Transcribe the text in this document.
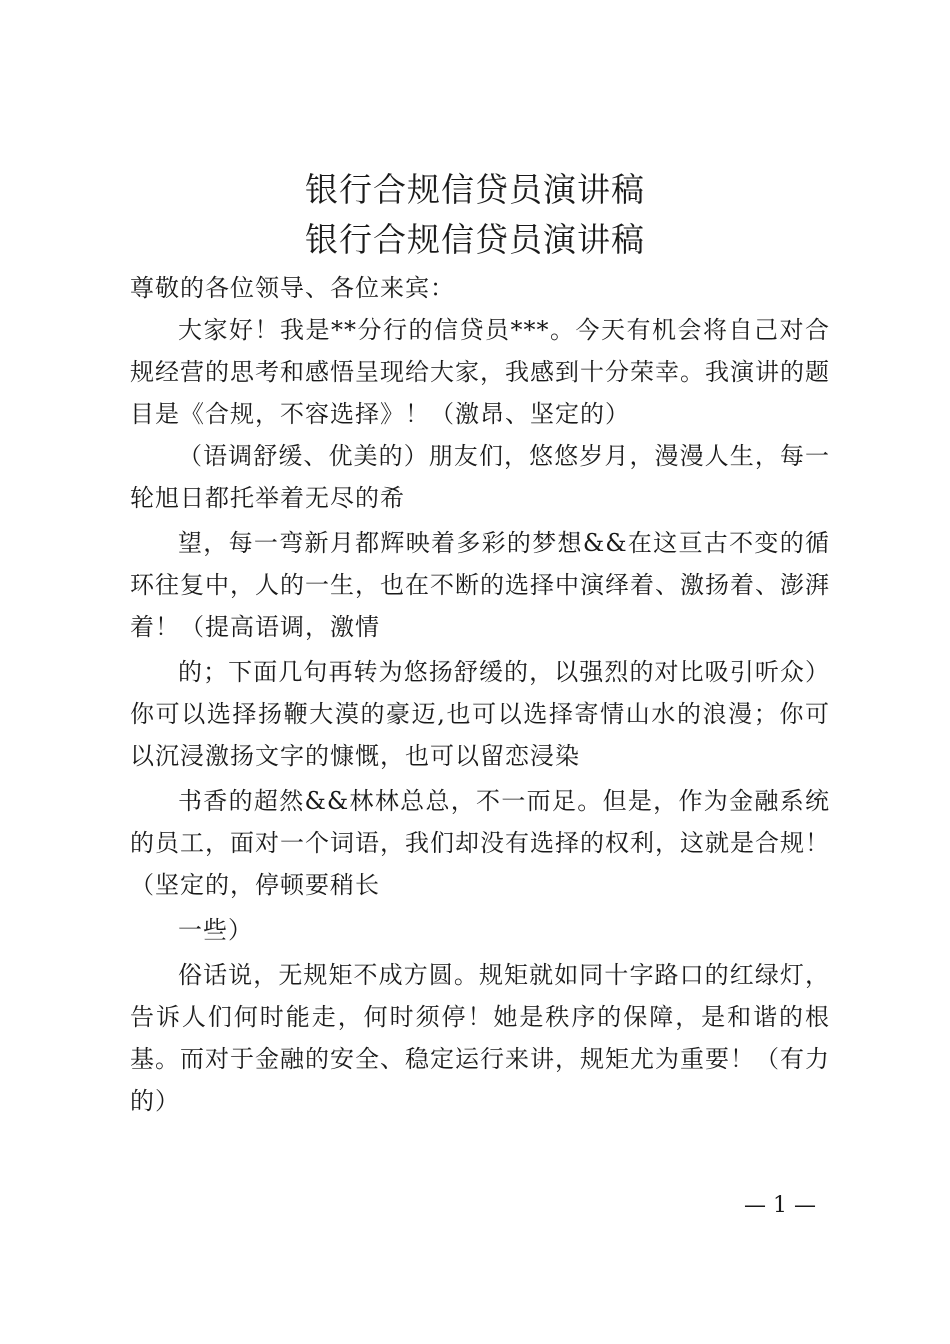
银行合规信贷员演讲稿
银行合规信贷员演讲稿

尊敬的各位领导、各位来宾：

大家好！我是**分行的信贷员***。今天有机会将自己对合规经营的思考和感悟呈现给大家，我感到十分荣幸。我演讲的题目是《合规，不容选择》！（激昂、坚定的）

（语调舒缓、优美的）朋友们，悠悠岁月，漫漫人生，每一轮旭日都托举着无尽的希

望，每一弯新月都辉映着多彩的梦想&&在这亘古不变的循环往复中，人的一生，也在不断的选择中演绎着、激扬着、澎湃着！（提高语调，激情

的；下面几句再转为悠扬舒缓的，以强烈的对比吸引听众）你可以选择扬鞭大漠的豪迈,也可以选择寄情山水的浪漫；你可以沉浸激扬文字的慷慨，也可以留恋浸染

书香的超然&&林林总总，不一而足。但是，作为金融系统的员工，面对一个词语，我们却没有选择的权利，这就是合规！（坚定的，停顿要稍长

一些）

俗话说，无规矩不成方圆。规矩就如同十字路口的红绿灯，告诉人们何时能走，何时须停！她是秩序的保障，是和谐的根基。而对于金融的安全、稳定运行来讲，规矩尤为重要！（有力的）

— 1 —
